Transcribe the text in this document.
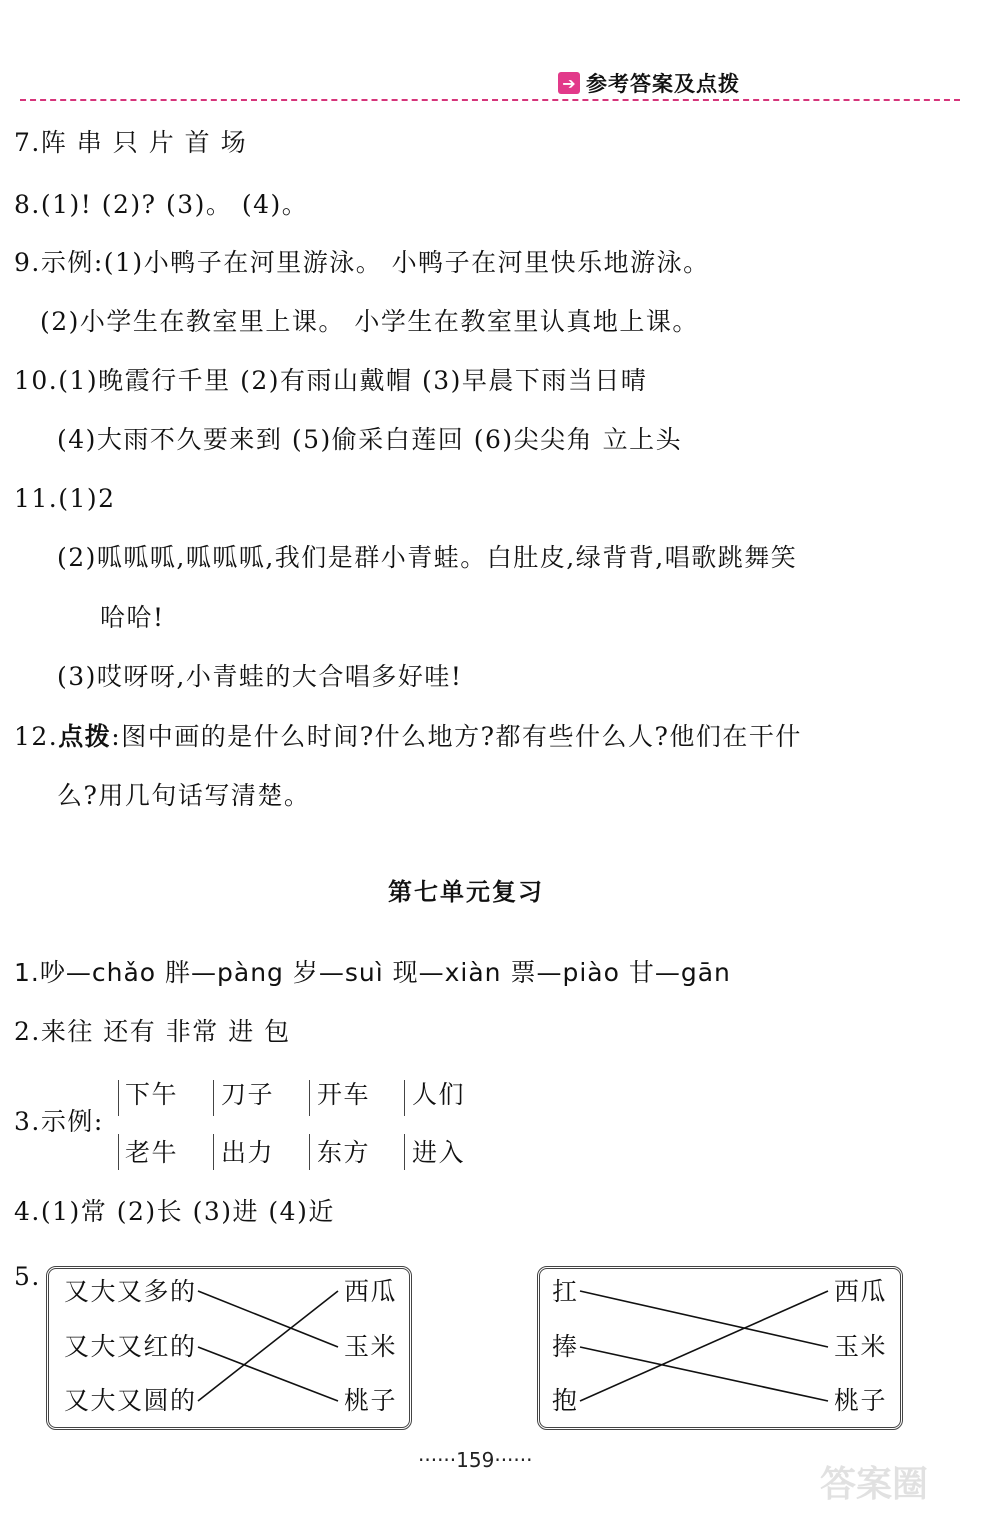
➔ 参考答案及点拨
7.阵 串 只 片 首 场
8.(1)! (2)? (3)。 (4)。
9.示例:(1)小鸭子在河里游泳。 小鸭子在河里快乐地游泳。
(2)小学生在教室里上课。 小学生在教室里认真地上课。
10.(1)晚霞行千里 (2)有雨山戴帽 (3)早晨下雨当日晴
(4)大雨不久要来到 (5)偷采白莲回 (6)尖尖角 立上头
11.(1)2
(2)呱呱呱,呱呱呱,我们是群小青蛙。白肚皮,绿背背,唱歌跳舞笑
哈哈!
(3)哎呀呀,小青蛙的大合唱多好哇!
12.点拨:图中画的是什么时间?什么地方?都有些什么人?他们在干什
么?用几句话写清楚。
第七单元复习
1.吵—chǎo 胖—pàng 岁—suì 现—xiàn 票—piào 甘—gān
2.来往 还有 非常 进 包
3.示例:
下午 刀子 开车 人们
老牛 出力 东方 进入
4.(1)常 (2)长 (3)进 (4)近
5.
又大又多的
又大又红的
又大又圆的
西瓜
玉米
桃子
扛
捧
抱
西瓜
玉米
桃子
······159······
答案圈
